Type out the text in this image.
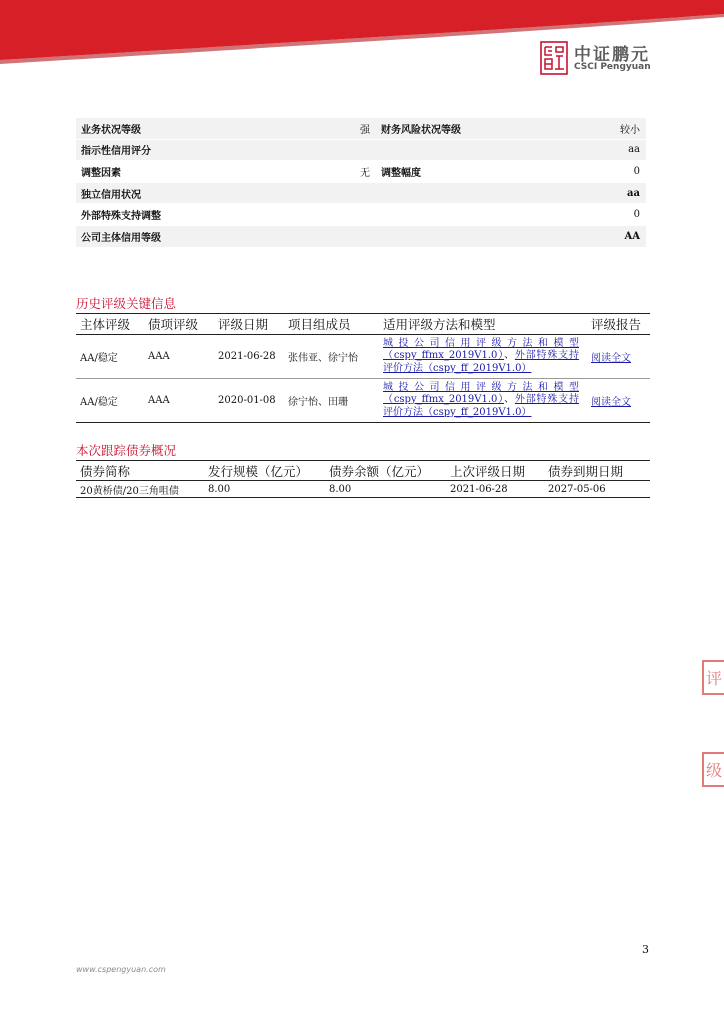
中证鹏元
CSCI Pengyuan
业务状况等级	强	财务风险状况等级	较小
指示性信用评分			aa
调整因素	无	调整幅度	0
独立信用状况			aa
外部特殊支持调整			0
公司主体信用等级			AA
历史评级关键信息
主体评级	债项评级	评级日期	项目组成员	适用评级方法和模型	评级报告
AA/稳定	AAA	2021-06-28	张伟亚、徐宁怡	城投公司信用评级方法和模型（cspy_ffmx_2019V1.0）、外部特殊支持评价方法（cspy_ff_2019V1.0）	阅读全文
AA/稳定	AAA	2020-01-08	徐宁怡、田珊	城投公司信用评级方法和模型（cspy_ffmx_2019V1.0）、外部特殊支持评价方法（cspy_ff_2019V1.0）	阅读全文
本次跟踪债券概况
债券简称	发行规模（亿元）	债券余额（亿元）	上次评级日期	债券到期日期
20黄桥债/20三角咀债	8.00	8.00	2021-06-28	2027-05-06
评
级
3
www.cspengyuan.com
